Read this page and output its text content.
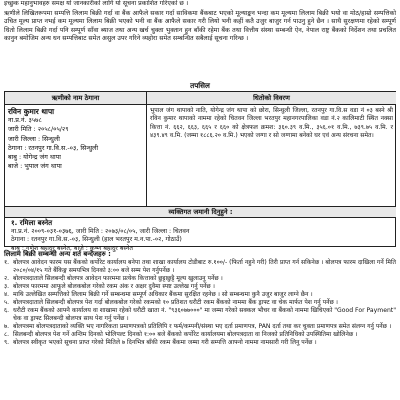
इच्छुक महानुभावहरु समक्ष यो जानकारीको लागि यो सूचना प्रकाशित गरिएको छ ।
ऋणीले लिखितरूपमा सम्पत्ति लिलाम बिक्री गर्दा वा बैंक आफैले सकार गर्दा साविकमा बैंकबाट भएको मूल्याङ्कन भन्दा कम मूल्यमा लिलाम बिक्री भयो वा मोठ/हाम्रो सम्पत्तिको उचित मूल्य प्राप्त नभई कम मूल्यमा लिलाम बिक्री भएको भनी वा बैंक आफैले सकार गरी लियो भनी कहीं कतै उजुर बाजुर गर्न पाउनु हुने छैन । साथै सुरक्षणमा रहेको सम्पूर्ण धितो लिलाम बिक्री गर्दा पनि सम्पूर्ण साँवा ब्याज तथा अन्य खर्च चुक्ता भुक्तान हुन बाँकी रहेमा बैंक तथा वित्तीय संस्था सम्बन्धी ऐन, नेपाल राष्ट्र बैंकको निर्देशन तथा प्रचलित कानुन बमोजिम अन्य धन सम्पत्तिबाट समेत असुल उपर गरिने व्यहोरा समेत सम्बन्धित सबैलाई सूचना गरिन्छ ।
तपसिल
ऋणीको नाम ठेगाना	धितोको विवरण
रविन कुमार थापा
ना.प्र.नं. ३५७८
जारी मिति : २०५८/०५/२९
जारी जिल्ला : सिन्धुली
ठेगाना : रतनपुर गा.वि.स.-०३, सिन्धुली
बाबु : योगेन्द्र जंग थापा
बाजे : भुपाल जंग थापा
भुपाल जंग थापाको नाति, योगेन्द्र जंग थापा को छोरा, सिन्धुली जिल्ला, रतनपुर गा.वि.स वडा नं ०३ बस्ने श्री रविन कुमार थापाको नाममा रहेको चितवन जिल्ला भरतपुर महानगरपालिका वडा नं.२ कालिमाटी स्थित नक्सा कित्ता नं. ६६२, ६६३, ६६५ र ६६० को क्षेत्रफल क्रमश: ३६०.३९ व.मि., ३५६.०१ व.मि., ७३९.७५ व.मि. र ४३९.४९ व.मि. (जम्मा १८८६.२० व.मि.) भएको जग्गा र सो जग्गामा बनेको घर एवं अन्य संरचना समेत।
व्यक्तिगत जमानी दिनुहुने :
१. रमिला बस्नेत
ना.प्र.नं. २००९-०३१-०३७६, जारी मिति : २०७३/०८/०५, जारी जिल्ला : चितवन
ठेगाना : रतनपुर गा.वि.स.-०३, सिन्धुली (हाल भरतपुर म.न.पा.-०२, गोठाउँ)
बाबु : गणेश बहादुर बस्नेत, बाजे : कृष्ण बहादुर बस्नेत
लिलाम बिक्री सम्बन्धी अन्य शर्त बन्देजहरु :
१. बोलपत्र आवेदन फारम यस बैंकको कर्पोरेट कार्यालय बनेपा तथा शाखा कार्यालय टोडीबाट रु.१००/- (फिर्ता नहुने गरी) तिरी प्राप्त गर्न सकिनेछ । बोलपत्र फारम दाखिला गर्ने मिति २०८०/०४/१५ गते बैंकिङ्ग समयभित्र दिनको ३:०० बजे सम्म पेश गर्नुपर्नेछ ।
२. बोलपत्रदाताले सिलबन्दी बोलपत्र आवेदन फारममा प्रत्येक कित्ताको छुट्टाछुट्टै मूल्य खुलाउनु पर्नेछ ।
३. बोलपत्र फारममा आफूले बोलकबोल गरेको रकम अंक र अक्षर दुवैमा स्पष्ट उल्लेख गर्नु पर्नेछ ।
४. माथि उल्लेखित सम्पत्तिको लिलाम बिक्री गर्ने सम्बन्धमा सम्पूर्ण अधिकार बैंकमा सुरक्षित रहनेछ । सो सम्बन्धमा कुनै उजुर बाजुर लाग्ने छैन ।
५. बोलपत्रदाताले सिलबन्दी बोलपत्र पेश गर्दा बोलकबोल गरेको रकमको १० प्रतिशत धरौटी रकम बैंकको नाममा बैंक ड्राफ्ट वा चेक मार्फत पेश गर्नु पर्नेछ ।
६. धरौटी रकम बैंकको आफ्नै कार्यालय वा शाखामा रहेको धरौटी खाता नं. "९३६०७७०००" मा जम्मा गरेको सक्कल भौचर वा बैंकको नाममा खिचिएको "Good For Payment" चेक वा ड्राफ्ट सिलबन्दी बोलपत्र साथ पेश गर्नु पर्नेछ ।
७. बोलपत्रमा बोलपत्रदाताको व्यक्ति भए नागरिकता प्रमाणपत्रको प्रतिलिपि र फर्म/कम्पनी/संस्था भए दर्ता प्रमाणपत्र, PAN दर्ता तथा कर चुक्ता प्रमाणपत्र समेत संलग्न गर्नु पर्नेछ ।
८. सिलबन्दी बोलपत्र पेश गर्ने अन्तिम दिनको भोलिपल्ट दिनको १:०० बजे बैंकको कर्पोरेट कार्यालयमा बोलपत्रदाता वा निजको प्रतिनिधिको उपस्थितिमा खोलिनेछ ।
९. बोलपत्र स्वीकृत भएको सूचना प्राप्त गरेको मितिले ७ दिनभित्र बाँकी रकम बैंकमा जम्मा गरी सम्पत्ति आफ्नो नाममा नामसारी गरी लिनु पर्नेछ ।
